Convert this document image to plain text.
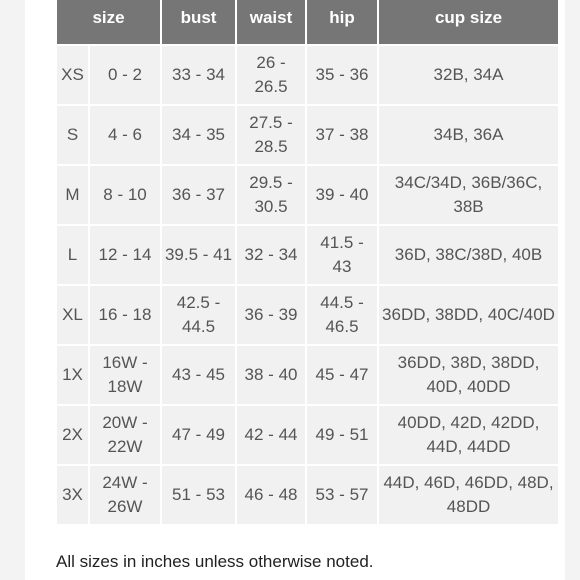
size		bust	waist	hip	cup size
XS	0 - 2	33 - 34	26 - 26.5	35 - 36	32B, 34A
S	4 - 6	34 - 35	27.5 - 28.5	37 - 38	34B, 36A
M	8 - 10	36 - 37	29.5 - 30.5	39 - 40	34C/34D, 36B/36C, 38B
L	12 - 14	39.5 - 41	32 - 34	41.5 - 43	36D, 38C/38D, 40B
XL	16 - 18	42.5 - 44.5	36 - 39	44.5 - 46.5	36DD, 38DD, 40C/40D
1X	16W - 18W	43 - 45	38 - 40	45 - 47	36DD, 38D, 38DD, 40D, 40DD
2X	20W - 22W	47 - 49	42 - 44	49 - 51	40DD, 42D, 42DD, 44D, 44DD
3X	24W - 26W	51 - 53	46 - 48	53 - 57	44D, 46D, 46DD, 48D, 48DD
All sizes in inches unless otherwise noted.
